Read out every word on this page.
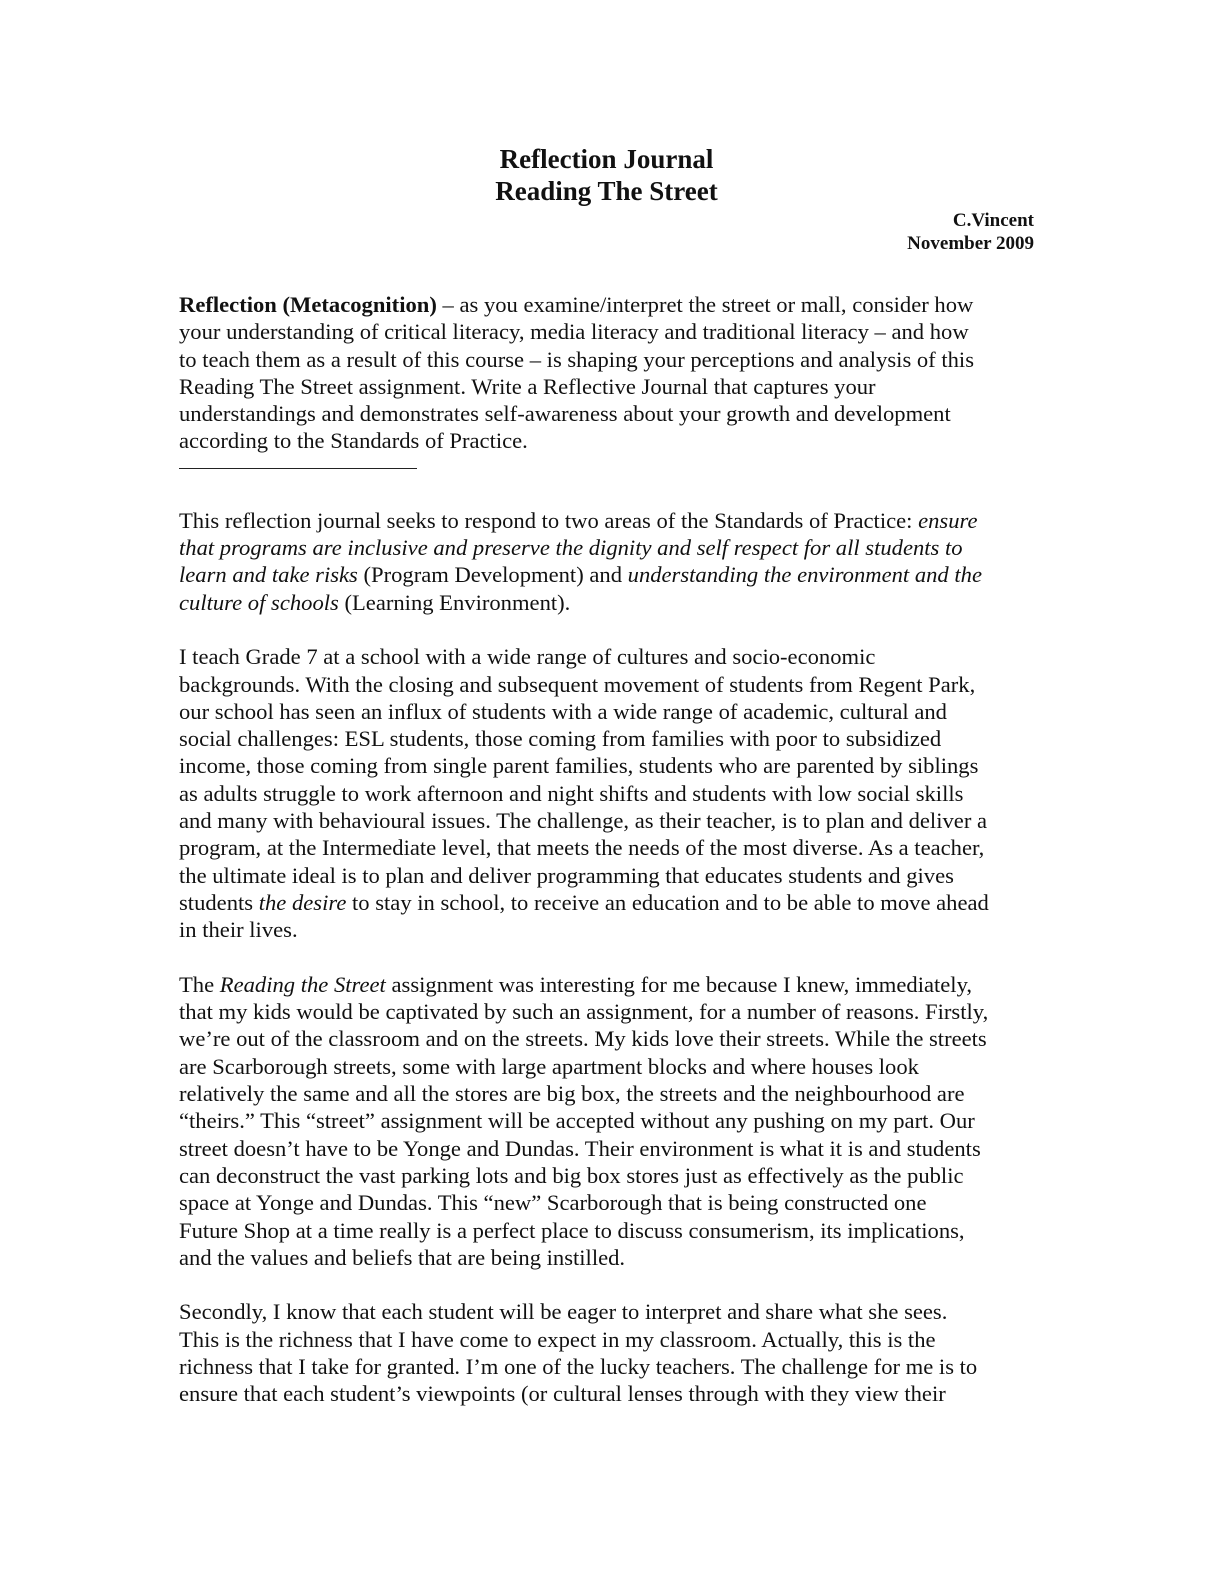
Reflection Journal
Reading The Street
C.Vincent
November 2009
Reflection (Metacognition) – as you examine/interpret the street or mall, consider how
your understanding of critical literacy, media literacy and traditional literacy – and how
to teach them as a result of this course – is shaping your perceptions and analysis of this
Reading The Street assignment. Write a Reflective Journal that captures your
understandings and demonstrates self-awareness about your growth and development
according to the Standards of Practice.

This reflection journal seeks to respond to two areas of the Standards of Practice: ensure
that programs are inclusive and preserve the dignity and self respect for all students to
learn and take risks (Program Development) and understanding the environment and the
culture of schools (Learning Environment).

I teach Grade 7 at a school with a wide range of cultures and socio-economic
backgrounds. With the closing and subsequent movement of students from Regent Park,
our school has seen an influx of students with a wide range of academic, cultural and
social challenges: ESL students, those coming from families with poor to subsidized
income, those coming from single parent families, students who are parented by siblings
as adults struggle to work afternoon and night shifts and students with low social skills
and many with behavioural issues. The challenge, as their teacher, is to plan and deliver a
program, at the Intermediate level, that meets the needs of the most diverse. As a teacher,
the ultimate ideal is to plan and deliver programming that educates students and gives
students the desire to stay in school, to receive an education and to be able to move ahead
in their lives.

The Reading the Street assignment was interesting for me because I knew, immediately,
that my kids would be captivated by such an assignment, for a number of reasons. Firstly,
we’re out of the classroom and on the streets. My kids love their streets. While the streets
are Scarborough streets, some with large apartment blocks and where houses look
relatively the same and all the stores are big box, the streets and the neighbourhood are
“theirs.” This “street” assignment will be accepted without any pushing on my part. Our
street doesn’t have to be Yonge and Dundas. Their environment is what it is and students
can deconstruct the vast parking lots and big box stores just as effectively as the public
space at Yonge and Dundas. This “new” Scarborough that is being constructed one
Future Shop at a time really is a perfect place to discuss consumerism, its implications,
and the values and beliefs that are being instilled.

Secondly, I know that each student will be eager to interpret and share what she sees.
This is the richness that I have come to expect in my classroom. Actually, this is the
richness that I take for granted. I’m one of the lucky teachers. The challenge for me is to
ensure that each student’s viewpoints (or cultural lenses through with they view their
